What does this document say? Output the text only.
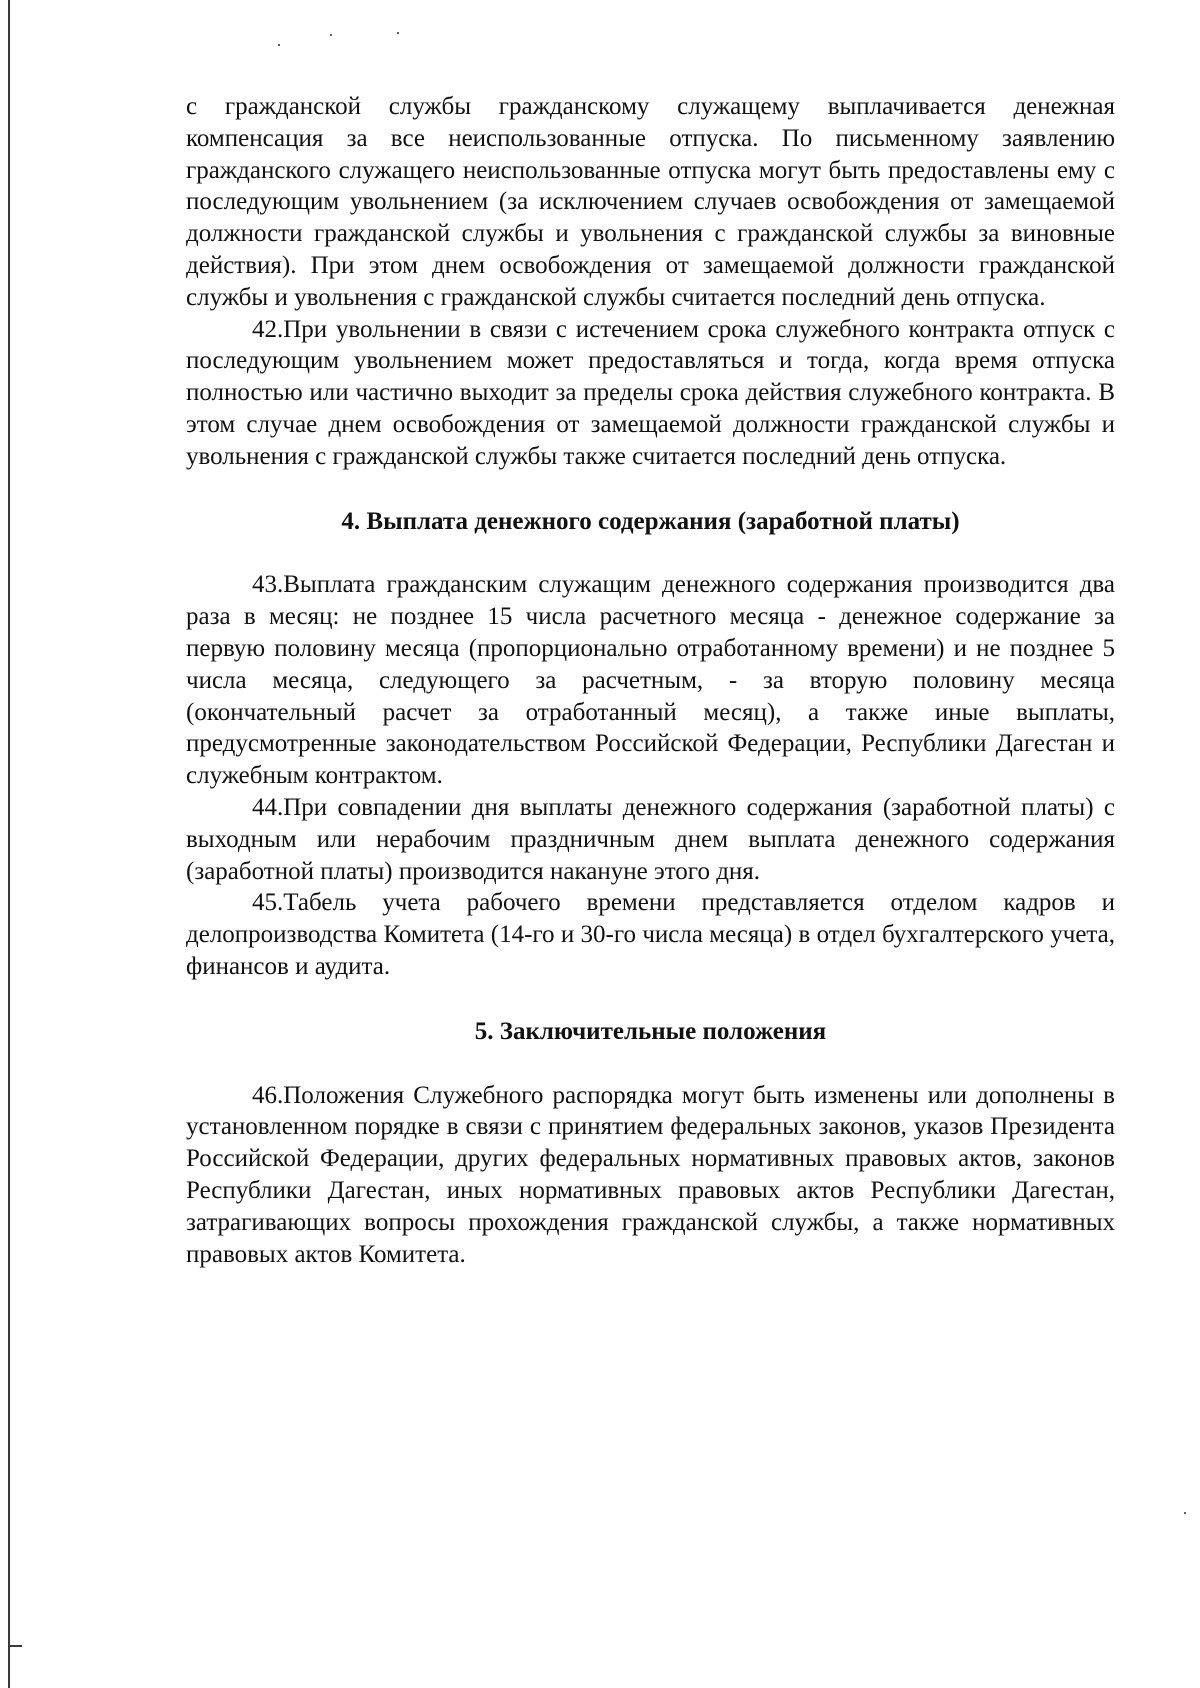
с гражданской службы гражданскому служащему выплачивается денежная компенсация за все неиспользованные отпуска. По письменному заявлению гражданского служащего неиспользованные отпуска могут быть предоставлены ему с последующим увольнением (за исключением случаев освобождения от замещаемой должности гражданской службы и увольнения с гражданской службы за виновные действия). При этом днем освобождения от замещаемой должности гражданской службы и увольнения с гражданской службы считается последний день отпуска.

42.При увольнении в связи с истечением срока служебного контракта отпуск с последующим увольнением может предоставляться и тогда, когда время отпуска полностью или частично выходит за пределы срока действия служебного контракта. В этом случае днем освобождения от замещаемой должности гражданской службы и увольнения с гражданской службы также считается последний день отпуска.

4. Выплата денежного содержания (заработной платы)

43.Выплата гражданским служащим денежного содержания производится два раза в месяц: не позднее 15 числа расчетного месяца - денежное содержание за первую половину месяца (пропорционально отработанному времени) и не позднее 5 числа месяца, следующего за расчетным, - за вторую половину месяца (окончательный расчет за отработанный месяц), а также иные выплаты, предусмотренные законодательством Российской Федерации, Республики Дагестан и служебным контрактом.

44.При совпадении дня выплаты денежного содержания (заработной платы) с выходным или нерабочим праздничным днем выплата денежного содержания (заработной платы) производится накануне этого дня.

45.Табель учета рабочего времени представляется отделом кадров и делопроизводства Комитета (14-го и 30-го числа месяца) в отдел бухгалтерского учета, финансов и аудита.

5. Заключительные положения

46.Положения Служебного распорядка могут быть изменены или дополнены в установленном порядке в связи с принятием федеральных законов, указов Президента Российской Федерации, других федеральных нормативных правовых актов, законов Республики Дагестан, иных нормативных правовых актов Республики Дагестан, затрагивающих вопросы прохождения гражданской службы, а также нормативных правовых актов Комитета.
